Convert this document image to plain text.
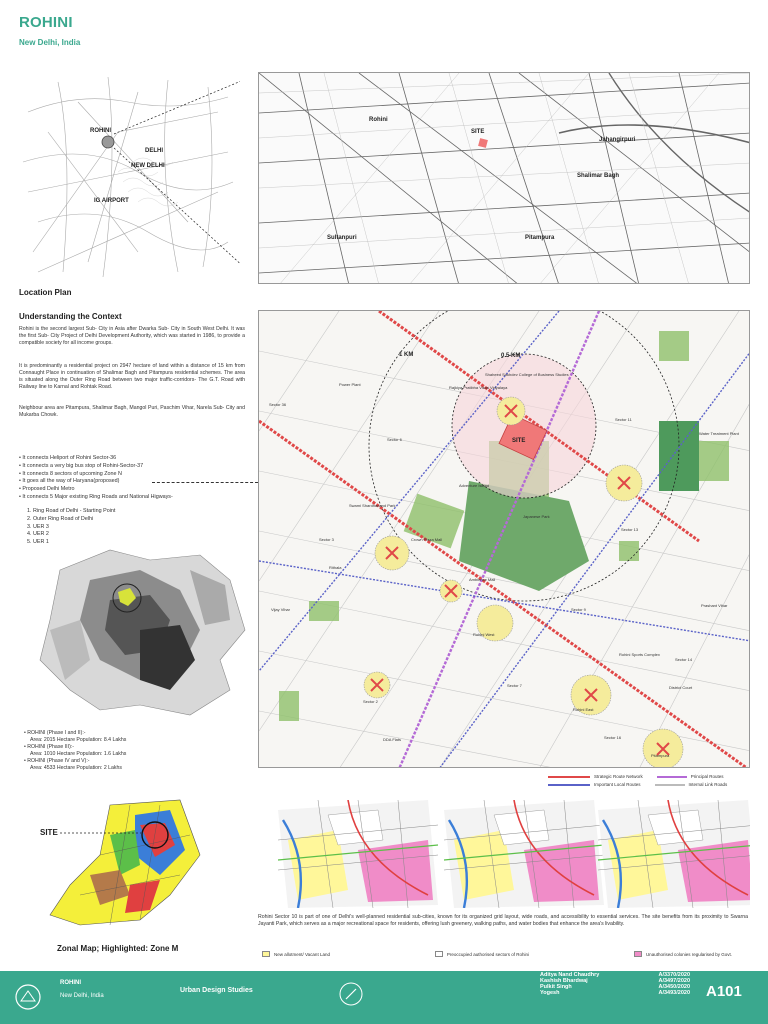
ROHINI
New Delhi, India
ROHINI
DELHI
NEW DELHI
IG AIRPORT
Rohini
SITE
Jahangirpuri
Shalimar Bagh
Sultanpuri	Pitampura
Location Plan
Understanding the Context
Rohini is the second largest Sub- City in Asia after Dwarka Sub- City in South West Delhi. It was the first Sub- City Project of Delhi Development Authority, which was started in 1986, to provide a compatible society for all income groups.
It is predominantly a residential project on 2947 hectare of land within a distance of 15 km from Connaught Place in continuation of Shalimar Bagh and Pitampura residential schemes. The area is situated along the Outer Ring Road between two major traffic-corridors- The G.T. Road with Railway line to Karnal and Rohtak Road.
Neighbour area are Pitampura, Shalimar Bagh, Mangol Puri, Paschim Vihar, Narela Sub- City and Mukarba Chowk.
• It connects Heliport of Rohini Sector-36
• It connects a very big bus stop of Rohini-Sector-37
• It connects 8 sectors of upcoming Zone N
• It goes all the way of Haryana(proposed)
• Proposed Delhi Metro
• It connects 5 Major existing Ring Roads and National Higways-
1. Ring Road of Delhi - Starting Point
2. Outer Ring Road of Delhi
3. UER 3
4. UER 2
5. UER 1
• ROHINI (Phase I and II):-
Area: 2015 Hectare Population: 8.4 Lakhs
• ROHINI (Phase III):-
Area: 1010 Hectare Population: 1.6 Lakhs
• ROHINI (Phase IV and V):-
Area: 4533 Hectare Population: 2 Lakhs
SITE
Zonal Map; Highlighted: Zone M
SITE
1 KM	0.5 KM
Sector 36
Power Plant
Sector 6
Rajkiya Pratibha Vikas Vidyalaya
Shaheed Sukhdev College of Business Studies
Sector 11
Swami Shardhanand Park
Adventure Island
Japanese Park
Crown Plaza Mall
Ambience Mall
Rithala
Vijay Vihar
Sector 3
Sector 7
Rohini West
Rohini East
Sector 2
DDA Flats
Sector 9
Sector 13
Sector 14
Rohini Sports Complex
District Court
Prashant Vihar
Water Treatment Plant
Pitampura
Sector 16
Strategic Route Network	Principal Routes
Important Local Routes	Internal Link Roads
Rohini Sector 10 is part of one of Delhi's well-planned residential sub-cities, known for its organized grid layout, wide roads, and accessibility to essential services. The site benefits from its proximity to Swarna Jayanti Park, which serves as a major recreational space for residents, offering lush greenery, walking paths, and water bodies that enhance the area's livability.
New allotment/ Vacant Land	Preoccupied authorised sectors of Rohini	Unauthorised colonies regularised by Govt.
ROHINI
New Delhi, India
Urban Design Studies
Aditya Nand Chaudhry	A/3370/2020
Kashish Bhardwaj	A/3497/2020
Pulkit Singh	A/3450/2020
Yogesh	A/3493/2020 A101
